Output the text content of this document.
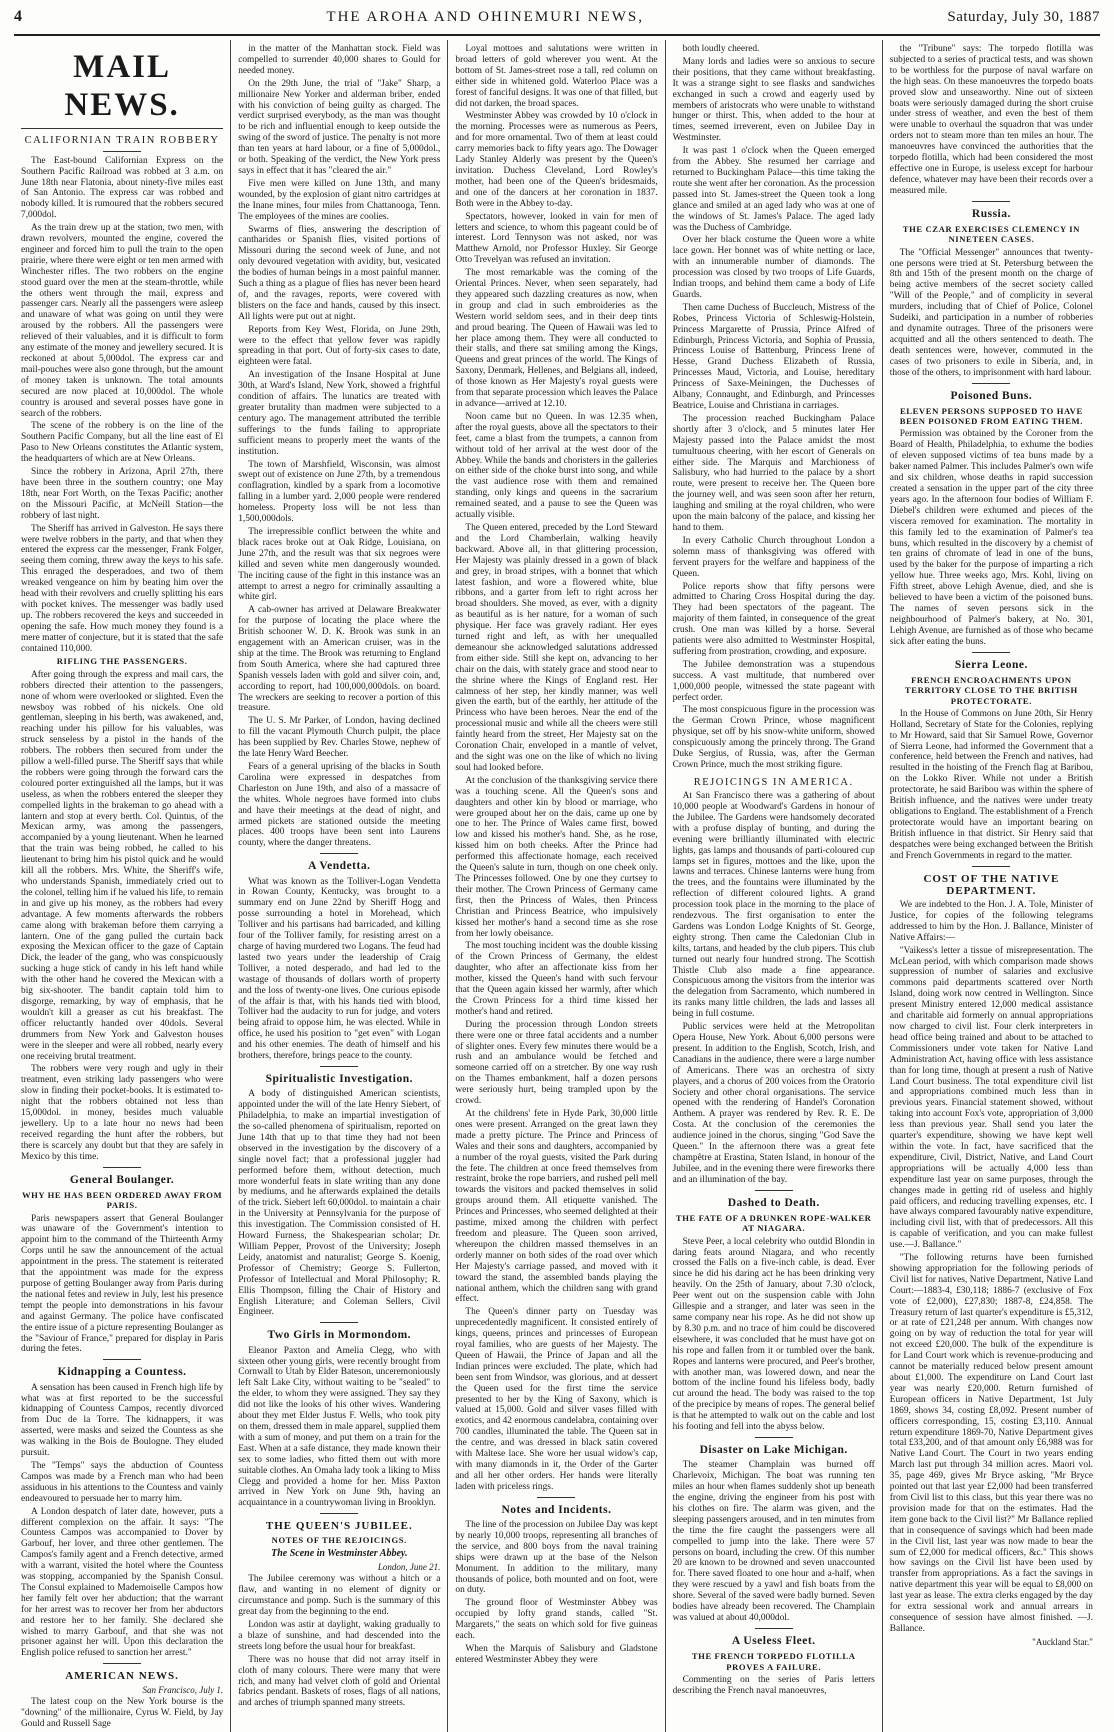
4	THE AROHA AND OHINEMURI NEWS,	Saturday, July 30, 1887
MAIL NEWS.
CALIFORNIAN TRAIN ROBBERY

The East-bound Californian Express on the Southern Pacific Railroad was robbed at 3 a.m. on June 18th near Flatonia, about ninety-five miles east of San Antonio. The express car was robbed and nobody killed. It is rumoured that the robbers secured 7,000dol.

As the train drew up at the station, two men, with drawn revolvers, mounted the engine, covered the engineer and forced him to pull the train to the open prairie, where there were eight or ten men armed with Winchester rifles. The two robbers on the engine stood guard over the men at the steam-throttle, while the others went through the mail, express and passenger cars. Nearly all the passengers were asleep and unaware of what was going on until they were aroused by the robbers. All the passengers were relieved of their valuables, and it is difficult to form any estimate of the money and jewellery secured. It is reckoned at about 5,000dol. The express car and mail-pouches were also gone through, but the amount of money taken is unknown. The total amounts secured are now placed at 10,000dol. The whole country is aroused and several posses have gone in search of the robbers.

The scene of the robbery is on the line of the Southern Pacific Company, but all the line east of El Paso to New Orleans constitutes the Atlantic system, the headquarters of which are at New Orleans.

Since the robbery in Arizona, April 27th, there have been three in the southern country; one May 18th, near Fort Worth, on the Texas Pacific; another on the Missouri Pacific, at McNeill Station—the robbery of last night.

The Sheriff has arrived in Galveston. He says there were twelve robbers in the party, and that when they entered the express car the messenger, Frank Folger, seeing them coming, threw away the keys to his safe. This enraged the desperadoes, and two of them wreaked vengeance on him by beating him over the head with their revolvers and cruelly splitting his ears with pocket knives. The messenger was badly used up. The robbers recovered the keys and succeeded in opening the safe. How much money they found is a mere matter of conjecture, but it is stated that the safe contained 110,000.

RIFLING THE PASSENGERS.

After going through the express and mail cars, the robbers directed their attention to the passengers, none of whom were overlooked or slighted. Even the newsboy was robbed of his nickels. One old gentleman, sleeping in his berth, was awakened, and, reaching under his pillow for his valuables, was struck senseless by a pistol in the hands of the robbers. The robbers then secured from under the pillow a well-filled purse. The Sheriff says that while the robbers were going through the forward cars the coloured porter extinguished all the lamps, but it was useless, as when the robbers entered the sleeper they compelled lights in the brakeman to go ahead with a lantern and stop at every berth. Col. Quintus, of the Mexican army, was among the passengers, accompanied by a young lieutenant. When he learned that the train was being robbed, he called to his lieutenant to bring him his pistol quick and he would kill all the robbers. Mrs. White, the Sheriff's wife, who understands Spanish, immediately cried out to the colonel, telling him if he valued his life, to remain in and give up his money, as the robbers had every advantage. A few moments afterwards the robbers came along with brakeman before them carrying a lantern. One of the gang pulled the curtain back exposing the Mexican officer to the gaze of Captain Dick, the leader of the gang, who was conspicuously sucking a huge stick of candy in his left hand while with the other hand he covered the Mexican with a big six-shooter. The bandit captain told him to disgorge, remarking, by way of emphasis, that he wouldn't kill a greaser as cut his breakfast. The officer reluctantly handed over 40dols. Several drummers from New York and Galveston houses were in the sleeper and were all robbed, nearly every one receiving brutal treatment.

The robbers were very rough and ugly in their treatment, even striking lady passengers who were slow in finding their pocket-books. It is estimated to-night that the robbers obtained not less than 15,000dol. in money, besides much valuable jewellery. Up to a late hour no news had been received regarding the hunt after the robbers, but there is scarcely any doubt but that they are safely in Mexico by this time.

General Boulanger.
WHY HE HAS BEEN ORDERED AWAY FROM PARIS.

Paris newspapers assert that General Boulanger was unaware of the Government's intention to appoint him to the command of the Thirteenth Army Corps until he saw the announcement of the actual appointment in the press. The statement is reiterated that the appointment was made for the express purpose of getting Boulanger away from Paris during the national fetes and review in July, lest his presence tempt the people into demonstrations in his favour and against Germany. The police have confiscated the entire issue of a picture representing Boulanger as the "Saviour of France," prepared for display in Paris during the fetes.

Kidnapping a Countess.

A sensation has been caused in French high life by what was at first reported to be the successful kidnapping of Countess Campos, recently divorced from Duc de la Torre. The kidnappers, it was asserted, were masks and seized the Countess as she was walking in the Bois de Boulogne. They eluded pursuit.

The "Temps" says the abduction of Countess Campos was made by a French man who had been assiduous in his attentions to the Countess and vainly endeavoured to persuade her to marry him.

A London despatch of later date, however, puts a different complexion on the affair. It says: "The Countess Campos was accompanied to Dover by Garbouf, her lover, and three other gentlemen. The Campos's family agent and a French detective, armed with a warrant, visited the hotel where the Countess was stopping, accompanied by the Spanish Consul. The Consul explained to Mademoiselle Campos how her family felt over her abduction; that the warrant for her arrest was to recover her from her abductors and restore her to her family. She declared she wished to marry Garbouf, and that she was not prisoner against her will. Upon this declaration the English police refused to sanction her arrest."

AMERICAN NEWS.
San Francisco, July 1.

The latest coup on the New York bourse is the "downing" of the millionaire, Cyrus W. Field, by Jay Gould and Russell Sage

in the matter of the Manhattan stock. Field was compelled to surrender 40,000 shares to Gould for needed money.

On the 29th June, the trial of "Jake" Sharp, a millionaire New Yorker and alderman briber, ended with his conviction of being guilty as charged. The verdict surprised everybody, as the man was thought to be rich and influential enough to keep outside the swing of the sword of justice. The penalty is not more than ten years at hard labour, or a fine of 5,000dol., or both. Speaking of the verdict, the New York press says in effect that it has "cleared the air."

Five men were killed on June 13th, and many wounded, by the explosion of giant nitro cartridges at the Inane mines, four miles from Chattanooga, Tenn. The employees of the mines are coolies.

Swarms of flies, answering the description of cantharides or Spanish flies, visited portions of Missouri during the second week of June, and not only devoured vegetation with avidity, but, vesicated the bodies of human beings in a most painful manner. Such a thing as a plague of flies has never been heard of, and the ravages, reports, were covered with blisters on the face and hands, caused by this insect. All lights were put out at night.

Reports from Key West, Florida, on June 29th, were to the effect that yellow fever was rapidly spreading in that port. Out of forty-six cases to date, eighteen were fatal.

An investigation of the Insane Hospital at June 30th, at Ward's Island, New York, showed a frightful condition of affairs. The lunatics are treated with greater brutality than madmen were subjected to a century ago. The management attributed the terrible sufferings to the funds failing to appropriate sufficient means to properly meet the wants of the institution.

The town of Marshfield, Wisconsin, was almost swept out of existence on June 27th, by a tremendous conflagration, kindled by a spark from a locomotive falling in a lumber yard. 2,000 people were rendered homeless. Property loss will be not less than 1,500,000dols.

The irrepressible conflict between the white and black races broke out at Oak Ridge, Louisiana, on June 27th, and the result was that six negroes were killed and seven white men dangerously wounded. The inciting cause of the fight in this instance was an attempt to arrest a negro for criminally assaulting a white girl.

A cab-owner has arrived at Delaware Breakwater for the purpose of locating the place where the British schooner W. D. K. Brook was sunk in an engagement with an American cruiser, was in the ship at the time. The Brook was returning to England from South America, where she had captured three Spanish vessels laden with gold and silver coin, and, according to report, had 100,000,000dols. on board. The wreckers are seeking to recover a portion of this treasure.

The U. S. Mr Parker, of London, having declined to fill the vacant Plymouth Church pulpit, the place has been supplied by Rev. Charles Stowe, nephew of the late Henry Ward Beecher.

Fears of a general uprising of the blacks in South Carolina were expressed in despatches from Charleston on June 19th, and also of a massacre of the whites. Whole negroes have formed into clubs and have their meetings at the dead of night, and armed pickets are stationed outside the meeting places. 400 troops have been sent into Laurens county, where the danger threatens.

A Vendetta.

What was known as the Tolliver-Logan Vendetta in Rowan County, Kentucky, was brought to a summary end on June 22nd by Sheriff Hogg and posse surrounding a hotel in Morehead, which Tolliver and his partisans had barricaded, and killing four of the Tolliver family, for resisting arrest on a charge of having murdered two Logans. The feud had lasted two years under the leadership of Craig Tolliver, a noted desperado, and had led to the wastage of thousands of dollars worth of property and the loss of twenty-one lives. One curious episode of the affair is that, with his hands tied with blood, Tolliver had the audacity to run for judge, and voters being afraid to oppose him, he was elected. While in office, he used his position to "get even" with Logan and his other enemies. The death of himself and his brothers, therefore, brings peace to the county.

Spiritualistic Investigation.

A body of distinguished American scientists, appointed under the will of the late Henry Siebert, of Philadelphia, to make an impartial investigation of the so-called phenomena of spiritualism, reported on June 14th that up to that time they had not been observed in the investigation by the discovery of a single novel fact; that a professional juggler had performed before them, without detection, much more wonderful feats in slate writing than any done by mediums, and he afterwards explained the details of the trick. Siebert left 60,000dol. to maintain a chair in the University at Pennsylvania for the purpose of this investigation. The Commission consisted of H. Howard Furness, the Shakespearian scholar; Dr. William Pepper, Provost of the University; Joseph Leidy, anatomist and naturalist; George S. Koenig, Professor of Chemistry; George S. Fullerton, Professor of Intellectual and Moral Philosophy; R. Ellis Thompson, filling the Chair of History and English Literature; and Coleman Sellers, Civil Engineer.

Two Girls in Mormondom.

Eleanor Paxton and Amelia Clegg, who with sixteen other young girls, were recently brought from Cornwall to Utah by Elder Bateson, unceremoniously left Salt Lake City, without waiting to be "sealed" to the elder, to whom they were assigned. They say they did not like the looks of his other wives. Wandering about they met Elder Justus F. Wells, who took pity on them, dressed them in male apparel, supplied them with a sum of money, and put them on a train for the East. When at a safe distance, they made known their sex to some ladies, who fitted them out with more suitable clothes. An Omaha lady took a liking to Miss Clegg and provided a home for her. Miss Paxton arrived in New York on June 9th, having an acquaintance in a countrywoman living in Brooklyn.

THE QUEEN'S JUBILEE.
NOTES OF THE REJOICINGS.
The Scene in Westminster Abbey.
London, June 21.

The Jubilee ceremony was without a hitch or a flaw, and wanting in no element of dignity or circumstance and pomp. Such is the summary of this great day from the beginning to the end.

London was astir at daylight, waking gradually to a blaze of sunshine, and had descended into the streets long before the usual hour for breakfast.

There was no house that did not array itself in cloth of many colours. There were many that were rich, and many had velvet cloth of gold and Oriental fabrics pendant. Baskets of roses, flags of all nations, and arches of triumph spanned many streets.

Loyal mottoes and salutations were written in broad letters of gold wherever you went. At the bottom of St. James-street rose a tall, red column on either side in whitened gold. Waterloo Place was a forest of fanciful designs. It was one of that filled, but did not darken, the broad spaces.

Westminster Abbey was crowded by 10 o'clock in the morning. Processes were as numerous as Peers, and for more ornamental. Two of them at least could carry memories back to fifty years ago. The Dowager Lady Stanley Alderly was present by the Queen's invitation. Duchess Cleveland, Lord Rowley's mother, had been one of the Queen's bridesmaids, and one of the dancers at her coronation in 1837. Both were in the Abbey to-day.

Spectators, however, looked in vain for men of letters and science, to whom this pageant could be of interest. Lord Tennyson was not asked, nor was Matthew Arnold, nor Professor Huxley. Sir George Otto Trevelyan was refused an invitation.

The most remarkable was the coming of the Oriental Princes. Never, when seen separately, had they appeared such dazzling creatures as now, when in group and clad in such embroideries as the Western world seldom sees, and in their deep tints and proud bearing. The Queen of Hawaii was led to her place among them. They were all conducted to their stalls, and there sat smiling among the Kings, Queens and great princes of the world. The Kings of Saxony, Denmark, Hellenes, and Belgians all, indeed, of those known as Her Majesty's royal guests were from that separate procession which leaves the Palace in advance—arrived at 12.10.

Noon came but no Queen. In was 12.35 when, after the royal guests, above all the spectators to their feet, came a blast from the trumpets, a cannon from without told of her arrival at the west door of the Abbey. While the bands and choristers in the galleries on either side of the choke burst into song, and while the vast audience rose with them and remained standing, only kings and queens in the sacrarium remained seated, and a pause to see the Queen was actually visible.

The Queen entered, preceded by the Lord Steward and the Lord Chamberlain, walking heavily backward. Above all, in that glittering procession, Her Majesty was plainly dressed in a gown of black and grey, in broad stripes, with a bonnet that which latest fashion, and wore a flowered white, blue ribbons, and a garter from left to right across her broad shoulders. She moved, as ever, with a dignity as beautiful as is her nature, for a woman of such physique. Her face was gravely radiant. Her eyes turned right and left, as with her unequalled demeanour she acknowledged salutations addressed from either side. Still she kept on, advancing to her chair on the dais, with stately grace and stood near to the shrine where the Kings of England rest. Her calmness of her step, her kindly manner, was well given the earth, but of the earthly, her attitude of the Princess who have been heroes. Near the end of the processional music and while all the cheers were still faintly heard from the street, Her Majesty sat on the Coronation Chair, enveloped in a mantle of velvet, and the sight was one on the like of which no living soul had looked before.

At the conclusion of the thanksgiving service there was a touching scene. All the Queen's sons and daughters and other kin by blood or marriage, who were grouped about her on the dais, came up one by one to her. The Prince of Wales came first, bowed low and kissed his mother's hand. She, as he rose, kissed him on both cheeks. After the Prince had performed this affectionate homage, each received the Queen's salute in turn, though on one cheek only. The Princesses followed. One by one they curtsey to their mother. The Crown Princess of Germany came first, then the Princess of Wales, then Princess Christian and Princess Beatrice, who impulsively kissed her mother's hand a second time as she rose from her lowly obeisance.

The most touching incident was the double kissing of the Crown Princess of Germany, the eldest daughter, who after an affectionate kiss from her mother, kissed the Queen's hand with such fervour that the Queen again kissed her warmly, after which the Crown Princess for a third time kissed her mother's hand and retired.

During the procession through London streets there were one or three fatal accidents and a number of slighter ones. Every few minutes there would be a rush and an ambulance would be fetched and someone carried off on a stretcher. By one way rush on the Thames embankment, half a dozen persons were seriously hurt, being trampled upon by the crowd.

At the childrens' fete in Hyde Park, 30,000 little ones were present. Arranged on the great lawn they made a pretty picture. The Prince and Princess of Wales and their sons and daughters, accompanied by a number of the royal guests, visited the Park during the fete. The children at once freed themselves from restraint, broke the rope barriers, and rushed pell mell towards the visitors and packed themselves in solid groups around them. All etiquette vanished. The Princes and Princesses, who seemed delighted at their pastime, mixed among the children with perfect freedom and pleasure. The Queen soon arrived, whereupon the children massed themselves in an orderly manner on both sides of the road over which Her Majesty's carriage passed, and moved with it toward the stand, the assembled bands playing the national anthem, which the children sang with grand effect.

The Queen's dinner party on Tuesday was unprecedentedly magnificent. It consisted entirely of kings, queens, princes and princesses of European royal families, who are guests of her Majesty. The Queen of Hawaii, the Prince of Japan and all the Indian princes were excluded. The plate, which had been sent from Windsor, was glorious, and at dessert the Queen used for the first time the service presented to her by the King of Saxony, which is valued at 15,000. Gold and silver vases filled with exotics, and 42 enormous candelabra, containing over 700 candles, illuminated the table. The Queen sat in the centre, and was dressed in black satin covered with Maltese lace. She wore her usual widow's cap, with many diamonds in it, the Order of the Garter and all her other orders. Her hands were literally laden with priceless rings.

Notes and Incidents.

The line of the procession on Jubilee Day was kept by nearly 10,000 troops, representing all branches of the service, and 800 boys from the naval training ships were drawn up at the base of the Nelson Monument. In addition to the military, many thousands of police, both mounted and on foot, were on duty.

The ground floor of Westminster Abbey was occupied by lofty grand stands, called "St. Margarets," the seats on which sold for five guineas each.

When the Marquis of Salisbury and Gladstone entered Westminster Abbey they were

both loudly cheered.

Many lords and ladies were so anxious to secure their positions, that they came without breakfasting. It was a strange sight to see flasks and sandwiches exchanged in such a crowd and eagerly used by members of aristocrats who were unable to withstand hunger or thirst. This, when added to the hour at times, seemed irreverent, even on Jubilee Day in Westminster.

It was past 1 o'clock when the Queen emerged from the Abbey. She resumed her carriage and returned to Buckingham Palace—this time taking the route she went after her coronation. As the procession passed into St. James-street the Queen took a long glance and smiled at an aged lady who was at one of the windows of St. James's Palace. The aged lady was the Duchess of Cambridge.

Over her black costume the Queen wore a white lace gown. Her bonnet was of white netting or lace, with an innumerable number of diamonds. The procession was closed by two troops of Life Guards, Indian troops, and behind them came a body of Life Guards.

Then came Duchess of Buccleuch, Mistress of the Robes, Princess Victoria of Schleswig-Holstein, Princess Margarette of Prussia, Prince Alfred of Edinburgh, Princess Victoria, and Sophia of Prussia, Princess Louise of Battenburg, Princess Irene of Hesse, Grand Duchess Elizabeth of Russia, Princesses Maud, Victoria, and Louise, hereditary Princess of Saxe-Meiningen, the Duchesses of Albany, Connaught, and Edinburgh, and Princesses Beatrice, Louise and Christiana in carriages.

The procession reached Buckingham Palace shortly after 3 o'clock, and 5 minutes later Her Majesty passed into the Palace amidst the most tumultuous cheering, with her escort of Generals on either side. The Marquis and Marchioness of Salisbury, who had hurried to the palace by a short route, were present to receive her. The Queen bore the journey well, and was seen soon after her return, laughing and smiling at the royal children, who were upon the main balcony of the palace, and kissing her hand to them.

In every Catholic Church throughout London a solemn mass of thanksgiving was offered with fervent prayers for the welfare and happiness of the Queen.

Police reports show that fifty persons were admitted to Charing Cross Hospital during the day. They had been spectators of the pageant. The majority of them fainted, in consequence of the great crush. One man was killed by a horse. Several patients were also admitted to Westminster Hospital, suffering from prostration, crowding, and exposure.

The Jubilee demonstration was a stupendous success. A vast multitude, that numbered over 1,000,000 people, witnessed the state pageant with perfect order.

The most conspicuous figure in the procession was the German Crown Prince, whose magnificent physique, set off by his snow-white uniform, showed conspicuously among the princely throng. The Grand Duke Sergius, of Russia, was, after the German Crown Prince, much the most striking figure.

REJOICINGS IN AMERICA.

At San Francisco there was a gathering of about 10,000 people at Woodward's Gardens in honour of the Jubilee. The Gardens were handsomely decorated with a profuse display of bunting, and during the evening were brilliantly illuminated with electric lights, gas lamps and thousands of parti-coloured cup lamps set in figures, mottoes and the like, upon the lawns and terraces. Chinese lanterns were hung from the trees, and the fountains were illuminated by the reflection of different coloured lights. A grand procession took place in the morning to the place of rendezvous. The first organisation to enter the Gardens was London Lodge Knights of St. George, eighty strong. Then came the Caledonian Club in kilts, tartans, and headed by the club pipers. This club turned out nearly four hundred strong. The Scottish Thistle Club also made a fine appearance. Conspicuous among the visitors from the interior was the delegation from Sacramento, which numbered in its ranks many little children, the lads and lasses all being in full costume.

Public services were held at the Metropolitan Opera House, New York. About 6,000 persons were present. In addition to the English, Scotch, Irish, and Canadians in the audience, there were a large number of Americans. There was an orchestra of sixty players, and a chorus of 200 voices from the Oratorio Society and other choral organisations. The service opened with the rendering of Handel's Coronation Anthem. A prayer was rendered by Rev. R. E. De Costa. At the conclusion of the ceremonies the audience joined in the chorus, singing "God Save the Queen." In the afternoon there was a great fete champêtre at Erastina, Staten Island, in honour of the Jubilee, and in the evening there were fireworks there and an illumination of the bay.

Dashed to Death.
THE FATE OF A DRUNKEN ROPE-WALKER AT NIAGARA.

Steve Peer, a local celebrity who outdid Blondin in daring feats around Niagara, and who recently crossed the Falls on a five-inch cable, is dead. Ever since he did his daring act he has been drinking very heavily. On the 25th of January, about 7.30 o'clock, Peer went out on the suspension cable with John Gillespie and a stranger, and later was seen in the same company near his rope. As he did not show up by 8.30 p.m. and no trace of him could be discovered elsewhere, it was concluded that he must have got on his rope and fallen from it or tumbled over the bank. Ropes and lanterns were procured, and Peer's brother, with another man, was lowered down, and near the bottom of the incline found his lifeless body, badly cut around the head. The body was raised to the top of the precipice by means of ropes. The general belief is that he attempted to walk out on the cable and lost his footing and fell into the abyss below.

Disaster on Lake Michigan.

The steamer Champlain was burned off Charlevoix, Michigan. The boat was running ten miles an hour when flames suddenly shot up beneath the engine, driving the engineer from his post with his clothes on fire. The alarm was given, and the sleeping passengers aroused, and in ten minutes from the time the fire caught the passengers were all compelled to jump into the lake. There were 57 persons on board, including the crew. Of this number 20 are known to be drowned and seven unaccounted for. There saved floated to one hour and a-half, when they were rescued by a yawl and fish boats from the shore. Several of the saved were badly burned. Seven bodies have already been recovered. The Champlain was valued at about 40,000dol.

A Useless Fleet.
THE FRENCH TORPEDO FLOTILLA PROVES A FAILURE.

Commenting on the series of Paris letters describing the French naval manoeuvres,

the "Tribune" says: The torpedo flotilla was subjected to a series of practical tests, and was shown to be worthless for the purpose of naval warfare on the high seas. On these manoeuvres the torpedo boats proved slow and unseaworthy. Nine out of sixteen boats were seriously damaged during the short cruise under stress of weather, and even the best of them were unable to overhaul the squadron that was under orders not to steam more than ten miles an hour. The manoeuvres have convinced the authorities that the torpedo flotilla, which had been considered the most effective one in Europe, is useless except for harbour defence, whatever may have been their records over a measured mile.

Russia.
THE CZAR EXERCISES CLEMENCY IN NINETEEN CASES.

The "Official Messenger" announces that twenty-one persons were tried at St. Petersburg between the 8th and 15th of the present month on the charge of being active members of the secret society called "Will of the People," and of complicity in several murders, including that of Chief of Police, Colonel Sudeiki, and participation in a number of robberies and dynamite outrages. Three of the prisoners were acquitted and all the others sentenced to death. The death sentences were, however, commuted in the cases of two prisoners to exile in Siberia, and, in those of the others, to imprisonment with hard labour.

Poisoned Buns.
ELEVEN PERSONS SUPPOSED TO HAVE BEEN POISONED FROM EATING THEM.

Permission was obtained by the Coroner from the Board of Health, Philadelphia, to exhume the bodies of eleven supposed victims of tea buns made by a baker named Palmer. This includes Palmer's own wife and six children, whose deaths in rapid succession created a sensation in the upper part of the city three years ago. In the afternoon four bodies of William F. Diebel's children were exhumed and pieces of the viscera removed for examination. The mortality in this family led to the examination of Palmer's tea buns, which resulted in the discovery by a chemist of ten grains of chromate of lead in one of the buns, used by the baker for the purpose of imparting a rich yellow hue. Three weeks ago, Mrs. Kohl, living on Fifth street, above Lehigh Avenue, died, and she is believed to have been a victim of the poisoned buns. The names of seven persons sick in the neighbourhood of Palmer's bakery, at No. 301, Lehigh Avenue, are furnished as of those who became sick after eating the buns.

Sierra Leone.
FRENCH ENCROACHMENTS UPON TERRITORY CLOSE TO THE BRITISH PROTECTORATE.

In the House of Commons on June 20th, Sir Henry Holland, Secretary of State for the Colonies, replying to Mr Howard, said that Sir Samuel Rowe, Governor of Sierra Leone, had informed the Government that a conference, held between the French and natives, had resulted in the hoisting of the French flag at Baribou, on the Lokko River. While not under a British protectorate, he said Baribou was within the sphere of British influence, and the natives were under treaty obligations to England. The establishment of a French protectorate would have an important bearing on British influence in that district. Sir Henry said that despatches were being exchanged between the British and French Governments in regard to the matter.

COST OF THE NATIVE DEPARTMENT.

We are indebted to the Hon. J. A. Tole, Minister of Justice, for copies of the following telegrams addressed to him by the Hon. J. Ballance, Minister of Native Affairs:—

"Vaikess's letter a tissue of misrepresentation. The McLean period, with which comparison made shows suppression of number of salaries and exclusive commons paid departments scattered over North Island, doing work now centred in Wellington. Since present Ministry entered 12,000 medical assistance and charitable aid formerly on annual appropriations now charged to civil list. Four clerk interpreters in head office being trained and about to be attached to Commissioners under vote taken for Native Land Administration Act, having office with less assistance than for long time, though at present a rush of Native Land Court business. The total expenditure civil list and appropriations combined much less than in previous years. Financial statement showed, without taking into account Fox's vote, appropriation of 3,000 less than previous year. Shall send you later the quarter's expenditure, showing we have kept well within the vote. In fact, have sacrificed that the expenditure, Civil, District, Native, and Land Court appropriations will be actually 4,000 less than expenditure last year on same purposes, through the changes made in getting rid of useless and highly paid officers, and reducing travelling expenses, etc. I have always compared favourably native expenditure, including civil list, with that of predecessors. All this is capable of verification, and you can make fullest use.—J. Ballance."

"The following returns have been furnished showing appropriation for the following periods of Civil list for natives, Native Department, Native Land Court:—1883-4, £30,118; 1886-7 (exclusive of Fox vote of £2,000), £27,830; 1887-8, £24,858. The Treasury return of last quarter's expenditure is £5,312, or at rate of £21,248 per annum. With changes now going on by way of reduction the total for year will not exceed £20,000. The bulk of the expenditure is for Land Court work which is revenue-producing and cannot be materially reduced below present amount about £1,000. The expenditure on Land Court last year was nearly £20,000. Return furnished of European officers in Native Department, 1st July 1869, shows 34, costing £8,092. Present number of officers corresponding, 15, costing £3,110. Annual return expenditure 1869-70, Native Department gives total £33,200, and of that amount only £6,988 was for Native Land Court. The Court in two years ending March last put through 34 million acres. Maori vol. 35, page 469, gives Mr Bryce asking, "Mr Bryce pointed out that last year £2,000 had been transferred from Civil list to this class, but this year there was no provision made for that on the estimates. Had the item gone back to the Civil list?" Mr Ballance replied that in consequence of savings which had been made in the Civil list, last year was now made to bear the sum of £2,000 for medical officers, &c." This shows how savings on the Civil list have been used by transfer from appropriations. As a fact the savings in native department this year will be equal to £8,000 on last year as lease. The extra clerks engaged by the day for extra sessional work and annual arrears in consequence of session have almost finished. —J. Ballance.

"Auckland Star."
